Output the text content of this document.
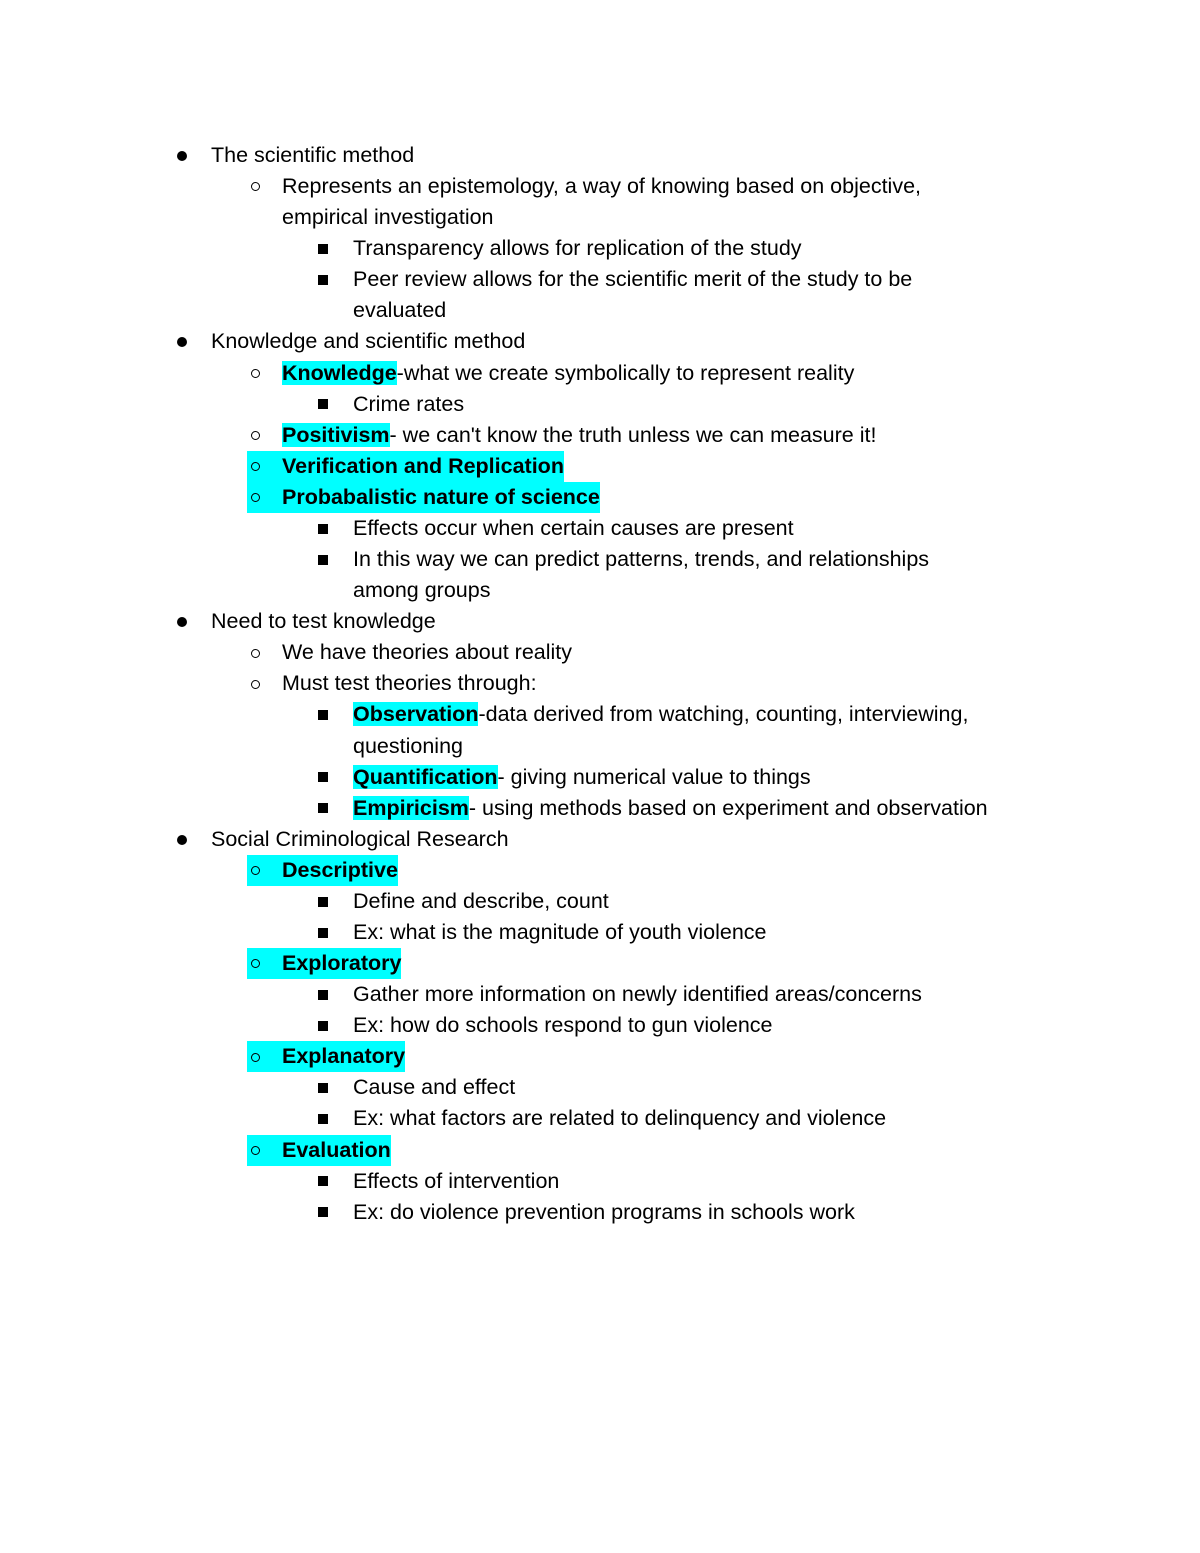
The scientific method
Represents an epistemology, a way of knowing based on objective,
empirical investigation
Transparency allows for replication of the study
Peer review allows for the scientific merit of the study to be
evaluated
Knowledge and scientific method
Knowledge-what we create symbolically to represent reality
Crime rates
Positivism- we can't know the truth unless we can measure it!
Verification and Replication
Probabalistic nature of science
Effects occur when certain causes are present
In this way we can predict patterns, trends, and relationships
among groups
Need to test knowledge
We have theories about reality
Must test theories through:
Observation-data derived from watching, counting, interviewing,
questioning
Quantification- giving numerical value to things
Empiricism- using methods based on experiment and observation
Social Criminological Research
Descriptive
Define and describe, count
Ex: what is the magnitude of youth violence
Exploratory
Gather more information on newly identified areas/concerns
Ex: how do schools respond to gun violence
Explanatory
Cause and effect
Ex: what factors are related to delinquency and violence
Evaluation
Effects of intervention
Ex: do violence prevention programs in schools work
